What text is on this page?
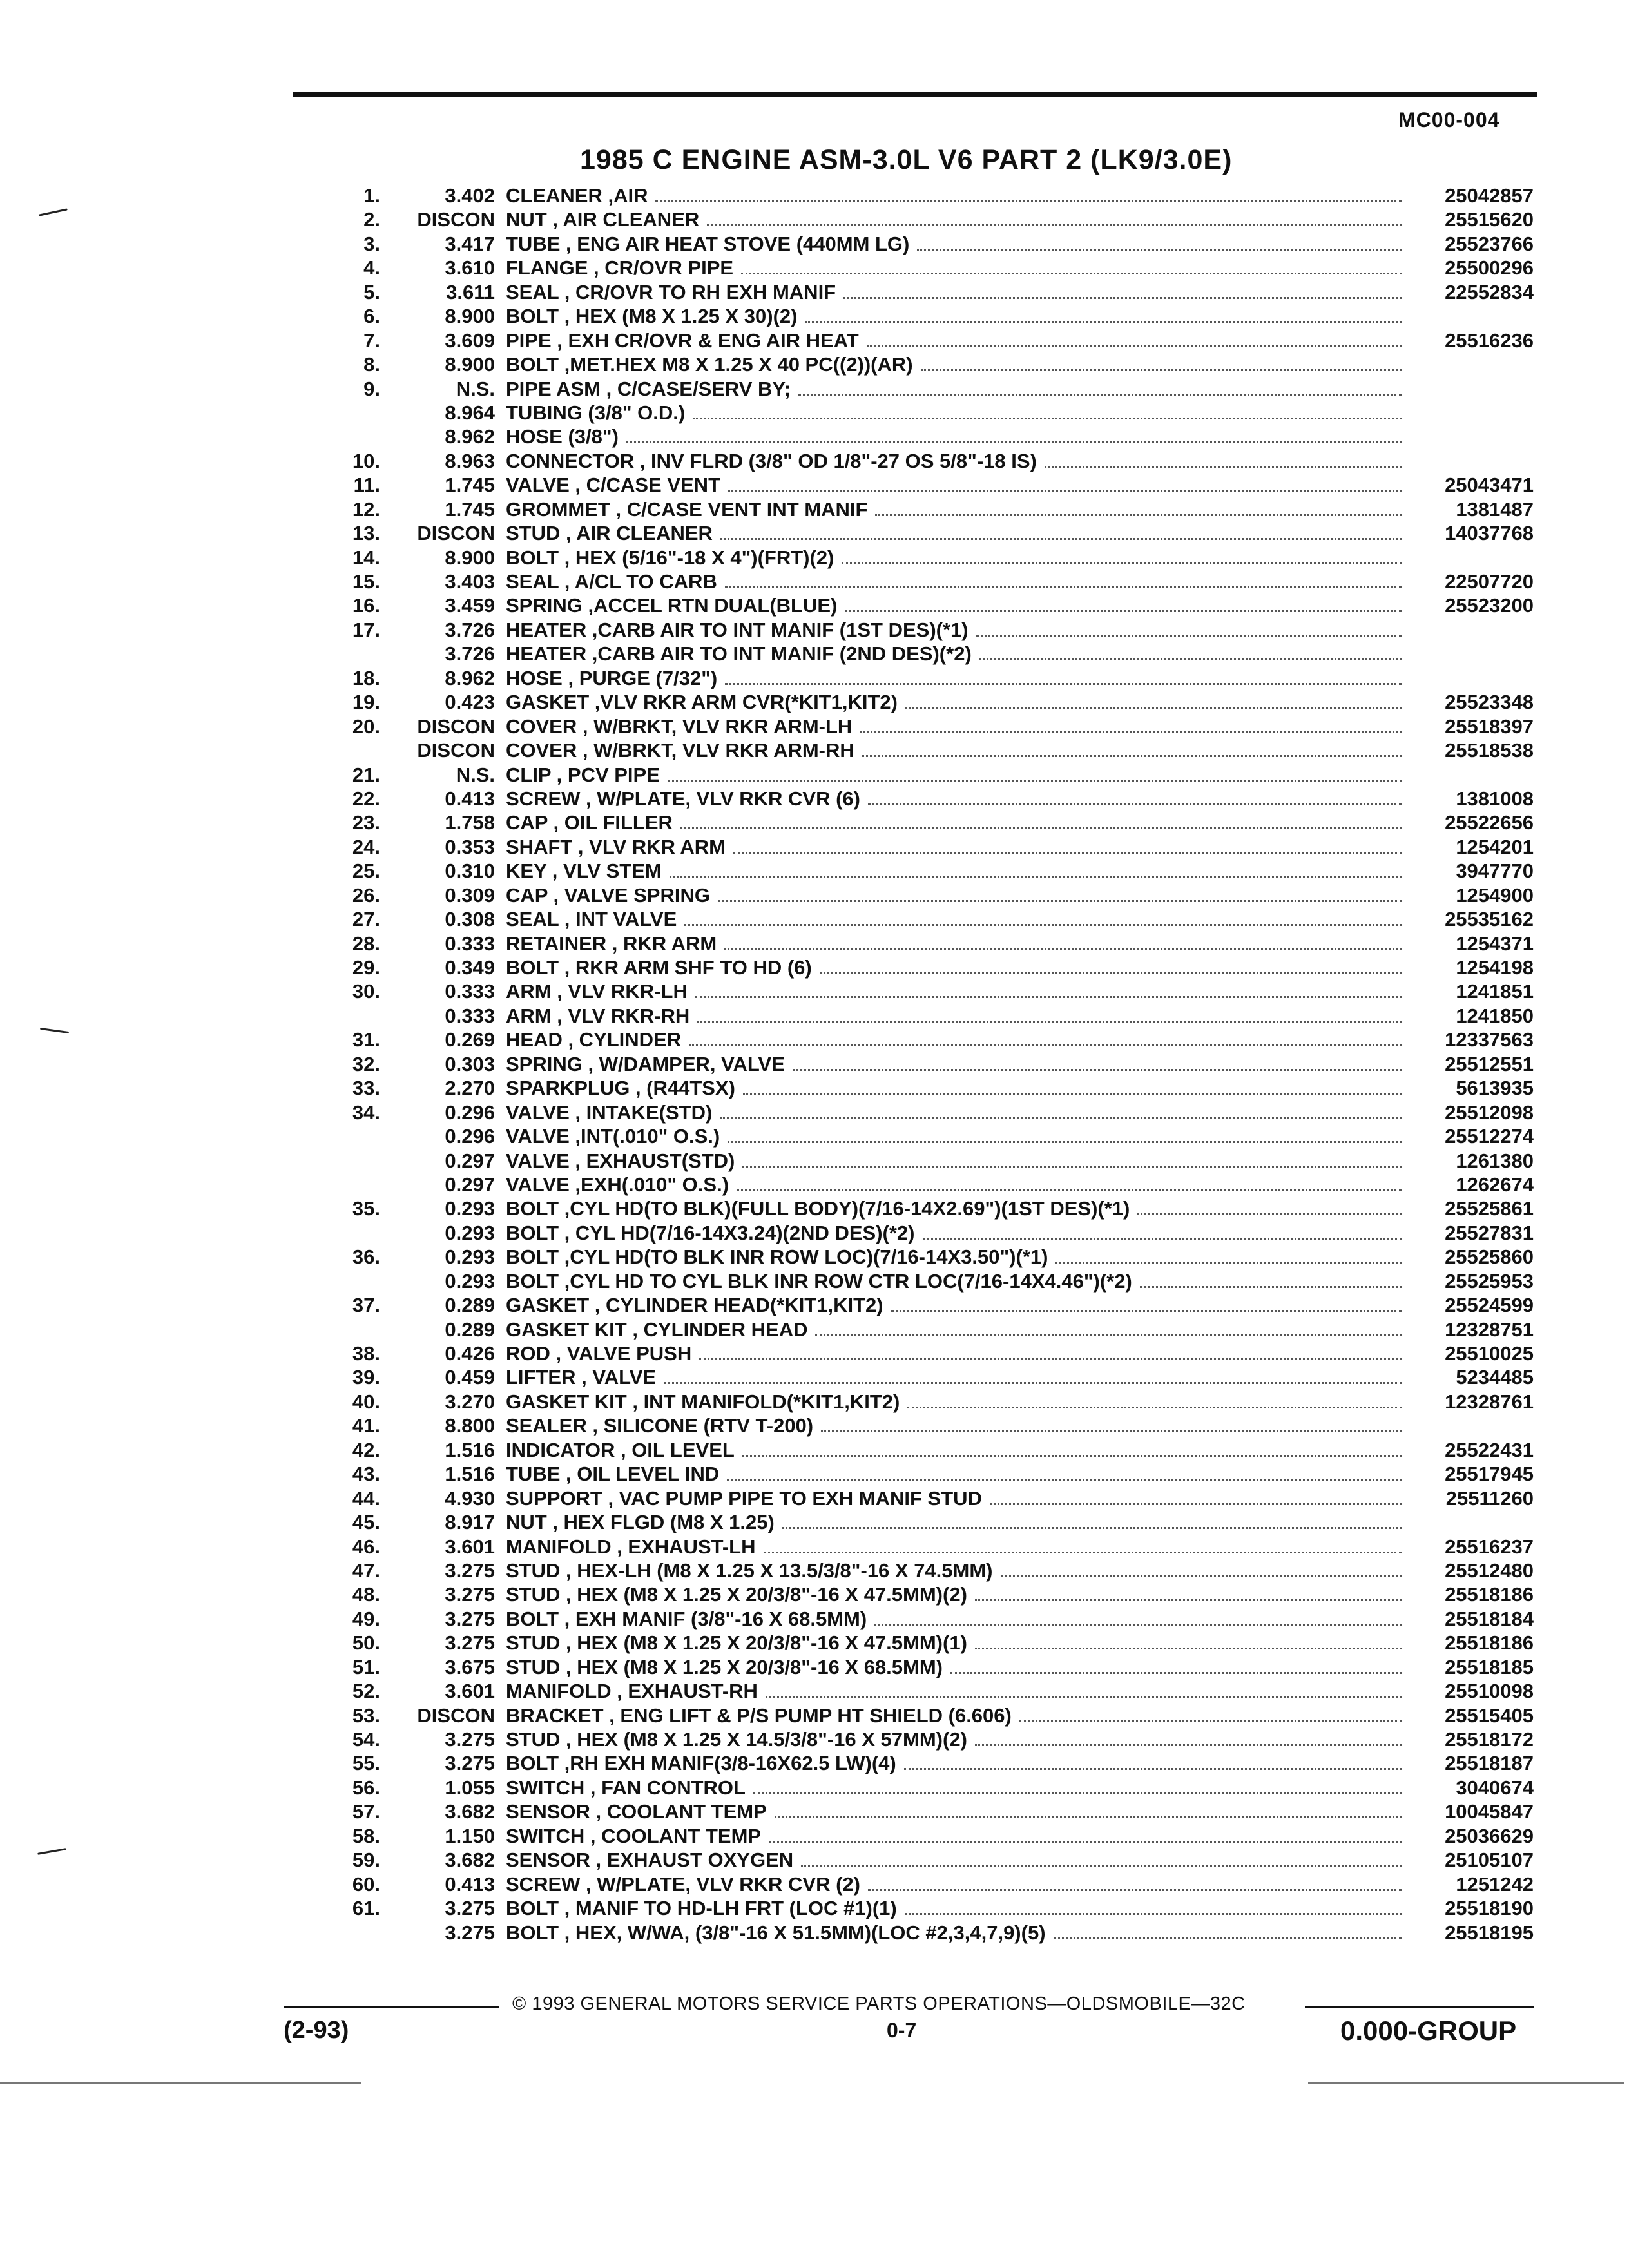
MC00-004
1985 C ENGINE ASM-3.0L V6 PART 2 (LK9/3.0E)
1.	3.402 CLEANER ,AIR	25042857
2.	DISCON NUT , AIR CLEANER	25515620
3.	3.417 TUBE , ENG AIR HEAT STOVE (440MM LG)	25523766
4.	3.610 FLANGE , CR/OVR PIPE	25500296
5.	3.611 SEAL , CR/OVR TO RH EXH MANIF	22552834
6.	8.900 BOLT , HEX (M8 X 1.25 X 30)(2)
7.	3.609 PIPE , EXH CR/OVR & ENG AIR HEAT	25516236
8.	8.900 BOLT ,MET.HEX M8 X 1.25 X 40 PC((2))(AR)
9.	N.S. PIPE ASM , C/CASE/SERV BY;
8.964 TUBING (3/8" O.D.)
8.962 HOSE (3/8")
10.	8.963 CONNECTOR , INV FLRD (3/8" OD 1/8"-27 OS 5/8"-18 IS)
11.	1.745 VALVE , C/CASE VENT	25043471
12.	1.745 GROMMET , C/CASE VENT INT MANIF	1381487
13.	DISCON STUD , AIR CLEANER	14037768
14.	8.900 BOLT , HEX (5/16"-18 X 4")(FRT)(2)
15.	3.403 SEAL , A/CL TO CARB	22507720
16.	3.459 SPRING ,ACCEL RTN DUAL(BLUE)	25523200
17.	3.726 HEATER ,CARB AIR TO INT MANIF (1ST DES)(*1)
3.726 HEATER ,CARB AIR TO INT MANIF (2ND DES)(*2)
18.	8.962 HOSE , PURGE (7/32")
19.	0.423 GASKET ,VLV RKR ARM CVR(*KIT1,KIT2)	25523348
20.	DISCON COVER , W/BRKT, VLV RKR ARM-LH	25518397
DISCON COVER , W/BRKT, VLV RKR ARM-RH	25518538
21.	N.S. CLIP , PCV PIPE
22.	0.413 SCREW , W/PLATE, VLV RKR CVR (6)	1381008
23.	1.758 CAP , OIL FILLER	25522656
24.	0.353 SHAFT , VLV RKR ARM	1254201
25.	0.310 KEY , VLV STEM	3947770
26.	0.309 CAP , VALVE SPRING	1254900
27.	0.308 SEAL , INT VALVE	25535162
28.	0.333 RETAINER , RKR ARM	1254371
29.	0.349 BOLT , RKR ARM SHF TO HD (6)	1254198
30.	0.333 ARM , VLV RKR-LH	1241851
0.333 ARM , VLV RKR-RH	1241850
31.	0.269 HEAD , CYLINDER	12337563
32.	0.303 SPRING , W/DAMPER, VALVE	25512551
33.	2.270 SPARKPLUG , (R44TSX)	5613935
34.	0.296 VALVE , INTAKE(STD)	25512098
0.296 VALVE ,INT(.010" O.S.)	25512274
0.297 VALVE , EXHAUST(STD)	1261380
0.297 VALVE ,EXH(.010" O.S.)	1262674
35.	0.293 BOLT ,CYL HD(TO BLK)(FULL BODY)(7/16-14X2.69")(1ST DES)(*1)	25525861
0.293 BOLT , CYL HD(7/16-14X3.24)(2ND DES)(*2)	25527831
36.	0.293 BOLT ,CYL HD(TO BLK INR ROW LOC)(7/16-14X3.50")(*1)	25525860
0.293 BOLT ,CYL HD TO CYL BLK INR ROW CTR LOC(7/16-14X4.46")(*2)	25525953
37.	0.289 GASKET , CYLINDER HEAD(*KIT1,KIT2)	25524599
0.289 GASKET KIT , CYLINDER HEAD	12328751
38.	0.426 ROD , VALVE PUSH	25510025
39.	0.459 LIFTER , VALVE	5234485
40.	3.270 GASKET KIT , INT MANIFOLD(*KIT1,KIT2)	12328761
41.	8.800 SEALER , SILICONE (RTV T-200)
42.	1.516 INDICATOR , OIL LEVEL	25522431
43.	1.516 TUBE , OIL LEVEL IND	25517945
44.	4.930 SUPPORT , VAC PUMP PIPE TO EXH MANIF STUD	25511260
45.	8.917 NUT , HEX FLGD (M8 X 1.25)
46.	3.601 MANIFOLD , EXHAUST-LH	25516237
47.	3.275 STUD , HEX-LH (M8 X 1.25 X 13.5/3/8"-16 X 74.5MM)	25512480
48.	3.275 STUD , HEX (M8 X 1.25 X 20/3/8"-16 X 47.5MM)(2)	25518186
49.	3.275 BOLT , EXH MANIF (3/8"-16 X 68.5MM)	25518184
50.	3.275 STUD , HEX (M8 X 1.25 X 20/3/8"-16 X 47.5MM)(1)	25518186
51.	3.675 STUD , HEX (M8 X 1.25 X 20/3/8"-16 X 68.5MM)	25518185
52.	3.601 MANIFOLD , EXHAUST-RH	25510098
53.	DISCON BRACKET , ENG LIFT & P/S PUMP HT SHIELD (6.606)	25515405
54.	3.275 STUD , HEX (M8 X 1.25 X 14.5/3/8"-16 X 57MM)(2)	25518172
55.	3.275 BOLT ,RH EXH MANIF(3/8-16X62.5 LW)(4)	25518187
56.	1.055 SWITCH , FAN CONTROL	3040674
57.	3.682 SENSOR , COOLANT TEMP	10045847
58.	1.150 SWITCH , COOLANT TEMP	25036629
59.	3.682 SENSOR , EXHAUST OXYGEN	25105107
60.	0.413 SCREW , W/PLATE, VLV RKR CVR (2)	1251242
61.	3.275 BOLT , MANIF TO HD-LH FRT (LOC #1)(1)	25518190
3.275 BOLT , HEX, W/WA, (3/8"-16 X 51.5MM)(LOC #2,3,4,7,9)(5)	25518195
© 1993 GENERAL MOTORS SERVICE PARTS OPERATIONS—OLDSMOBILE—32C
(2-93)	0-7	0.000-GROUP
